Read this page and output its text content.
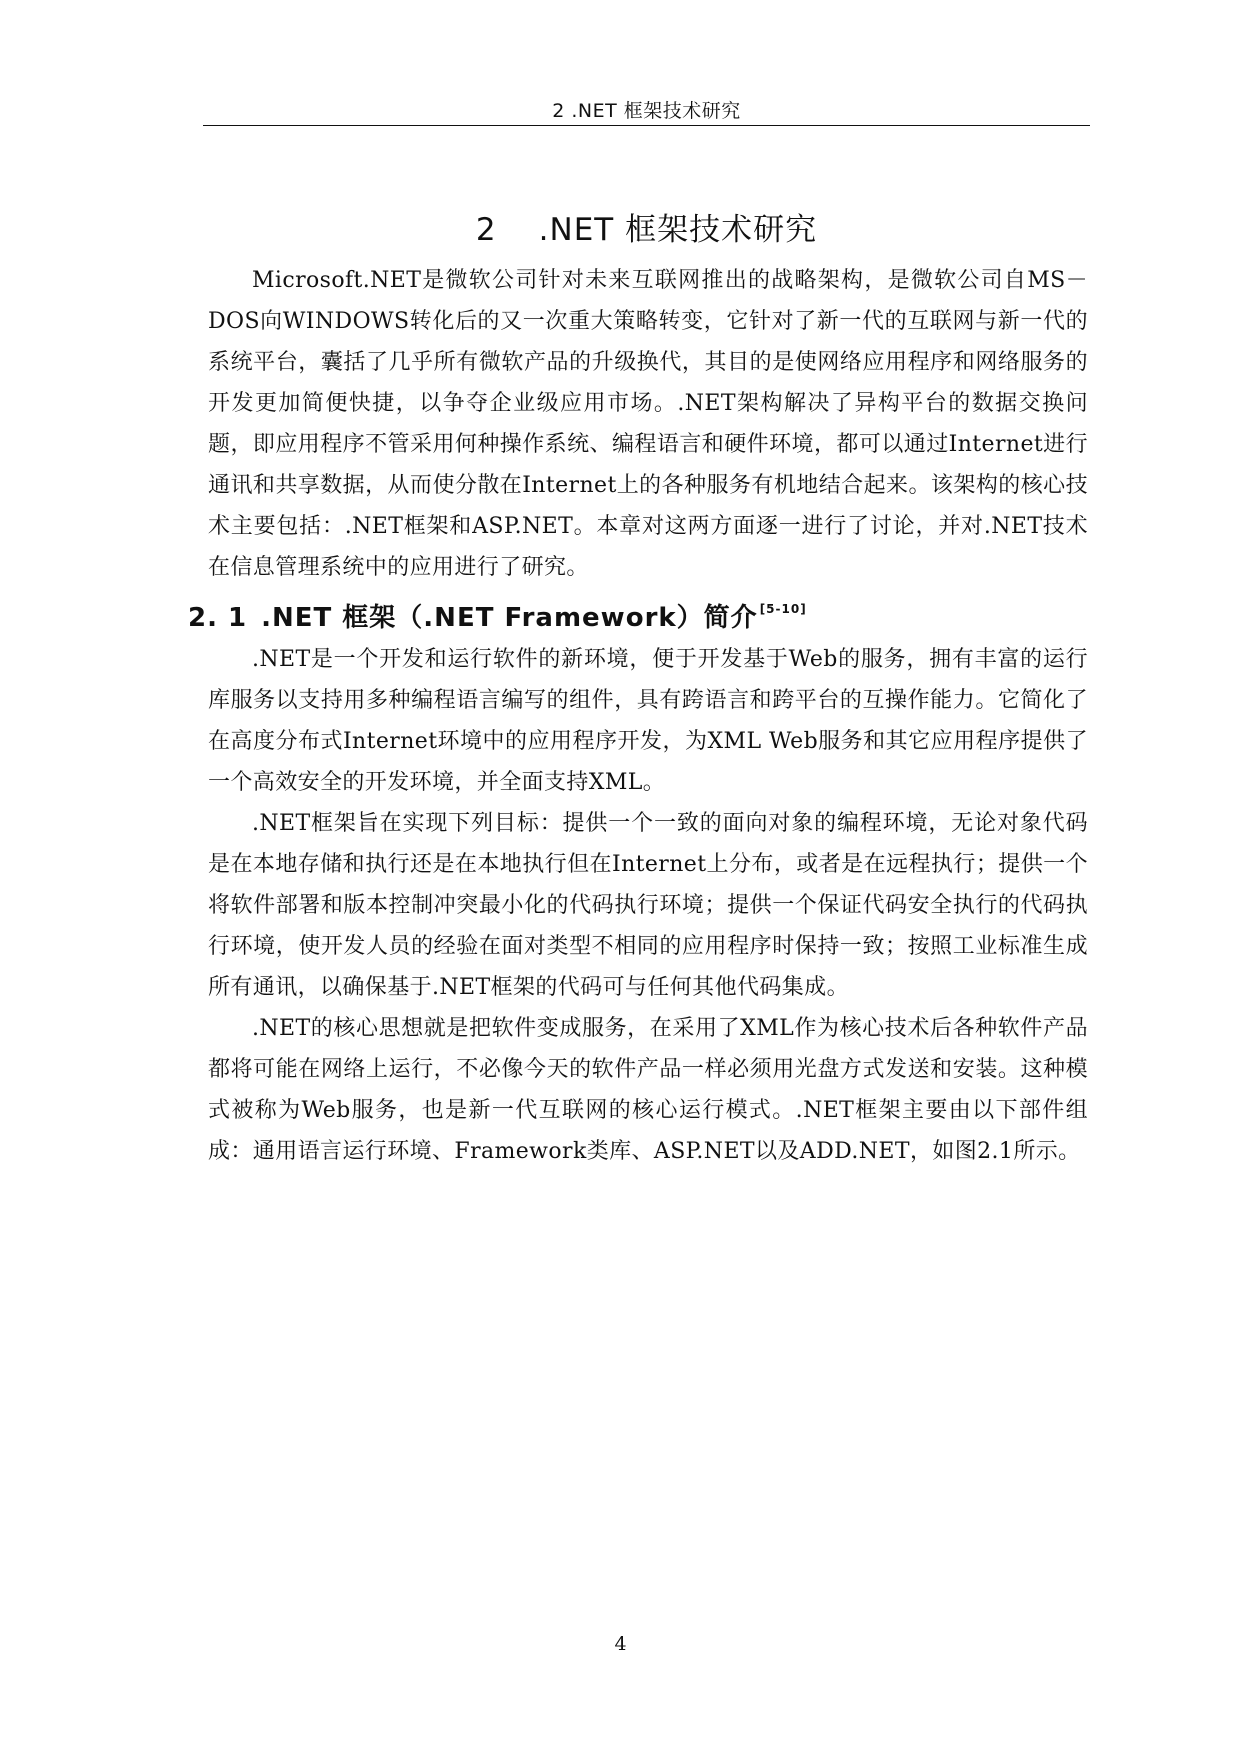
2 .NET 框架技术研究
2 .NET 框架技术研究

Microsoft.NET是微软公司针对未来互联网推出的战略架构，是微软公司自MS－DOS向WINDOWS转化后的又一次重大策略转变，它针对了新一代的互联网与新一代的系统平台，囊括了几乎所有微软产品的升级换代，其目的是使网络应用程序和网络服务的开发更加简便快捷，以争夺企业级应用市场。.NET架构解决了异构平台的数据交换问题，即应用程序不管采用何种操作系统、编程语言和硬件环境，都可以通过Internet进行通讯和共享数据，从而使分散在Internet上的各种服务有机地结合起来。该架构的核心技术主要包括：.NET框架和ASP.NET。本章对这两方面逐一进行了讨论，并对.NET技术在信息管理系统中的应用进行了研究。

2. 1 .NET 框架（.NET Framework）简介 [5-10]

.NET是一个开发和运行软件的新环境，便于开发基于Web的服务，拥有丰富的运行库服务以支持用多种编程语言编写的组件，具有跨语言和跨平台的互操作能力。它简化了在高度分布式Internet环境中的应用程序开发，为XML Web服务和其它应用程序提供了一个高效安全的开发环境，并全面支持XML。

.NET框架旨在实现下列目标：提供一个一致的面向对象的编程环境，无论对象代码是在本地存储和执行还是在本地执行但在Internet上分布，或者是在远程执行；提供一个将软件部署和版本控制冲突最小化的代码执行环境；提供一个保证代码安全执行的代码执行环境，使开发人员的经验在面对类型不相同的应用程序时保持一致；按照工业标准生成所有通讯，以确保基于.NET框架的代码可与任何其他代码集成。

.NET的核心思想就是把软件变成服务，在采用了XML作为核心技术后各种软件产品都将可能在网络上运行，不必像今天的软件产品一样必须用光盘方式发送和安装。这种模式被称为Web服务，也是新一代互联网的核心运行模式。.NET框架主要由以下部件组成：通用语言运行环境、Framework类库、ASP.NET以及ADD.NET，如图2.1所示。

4
